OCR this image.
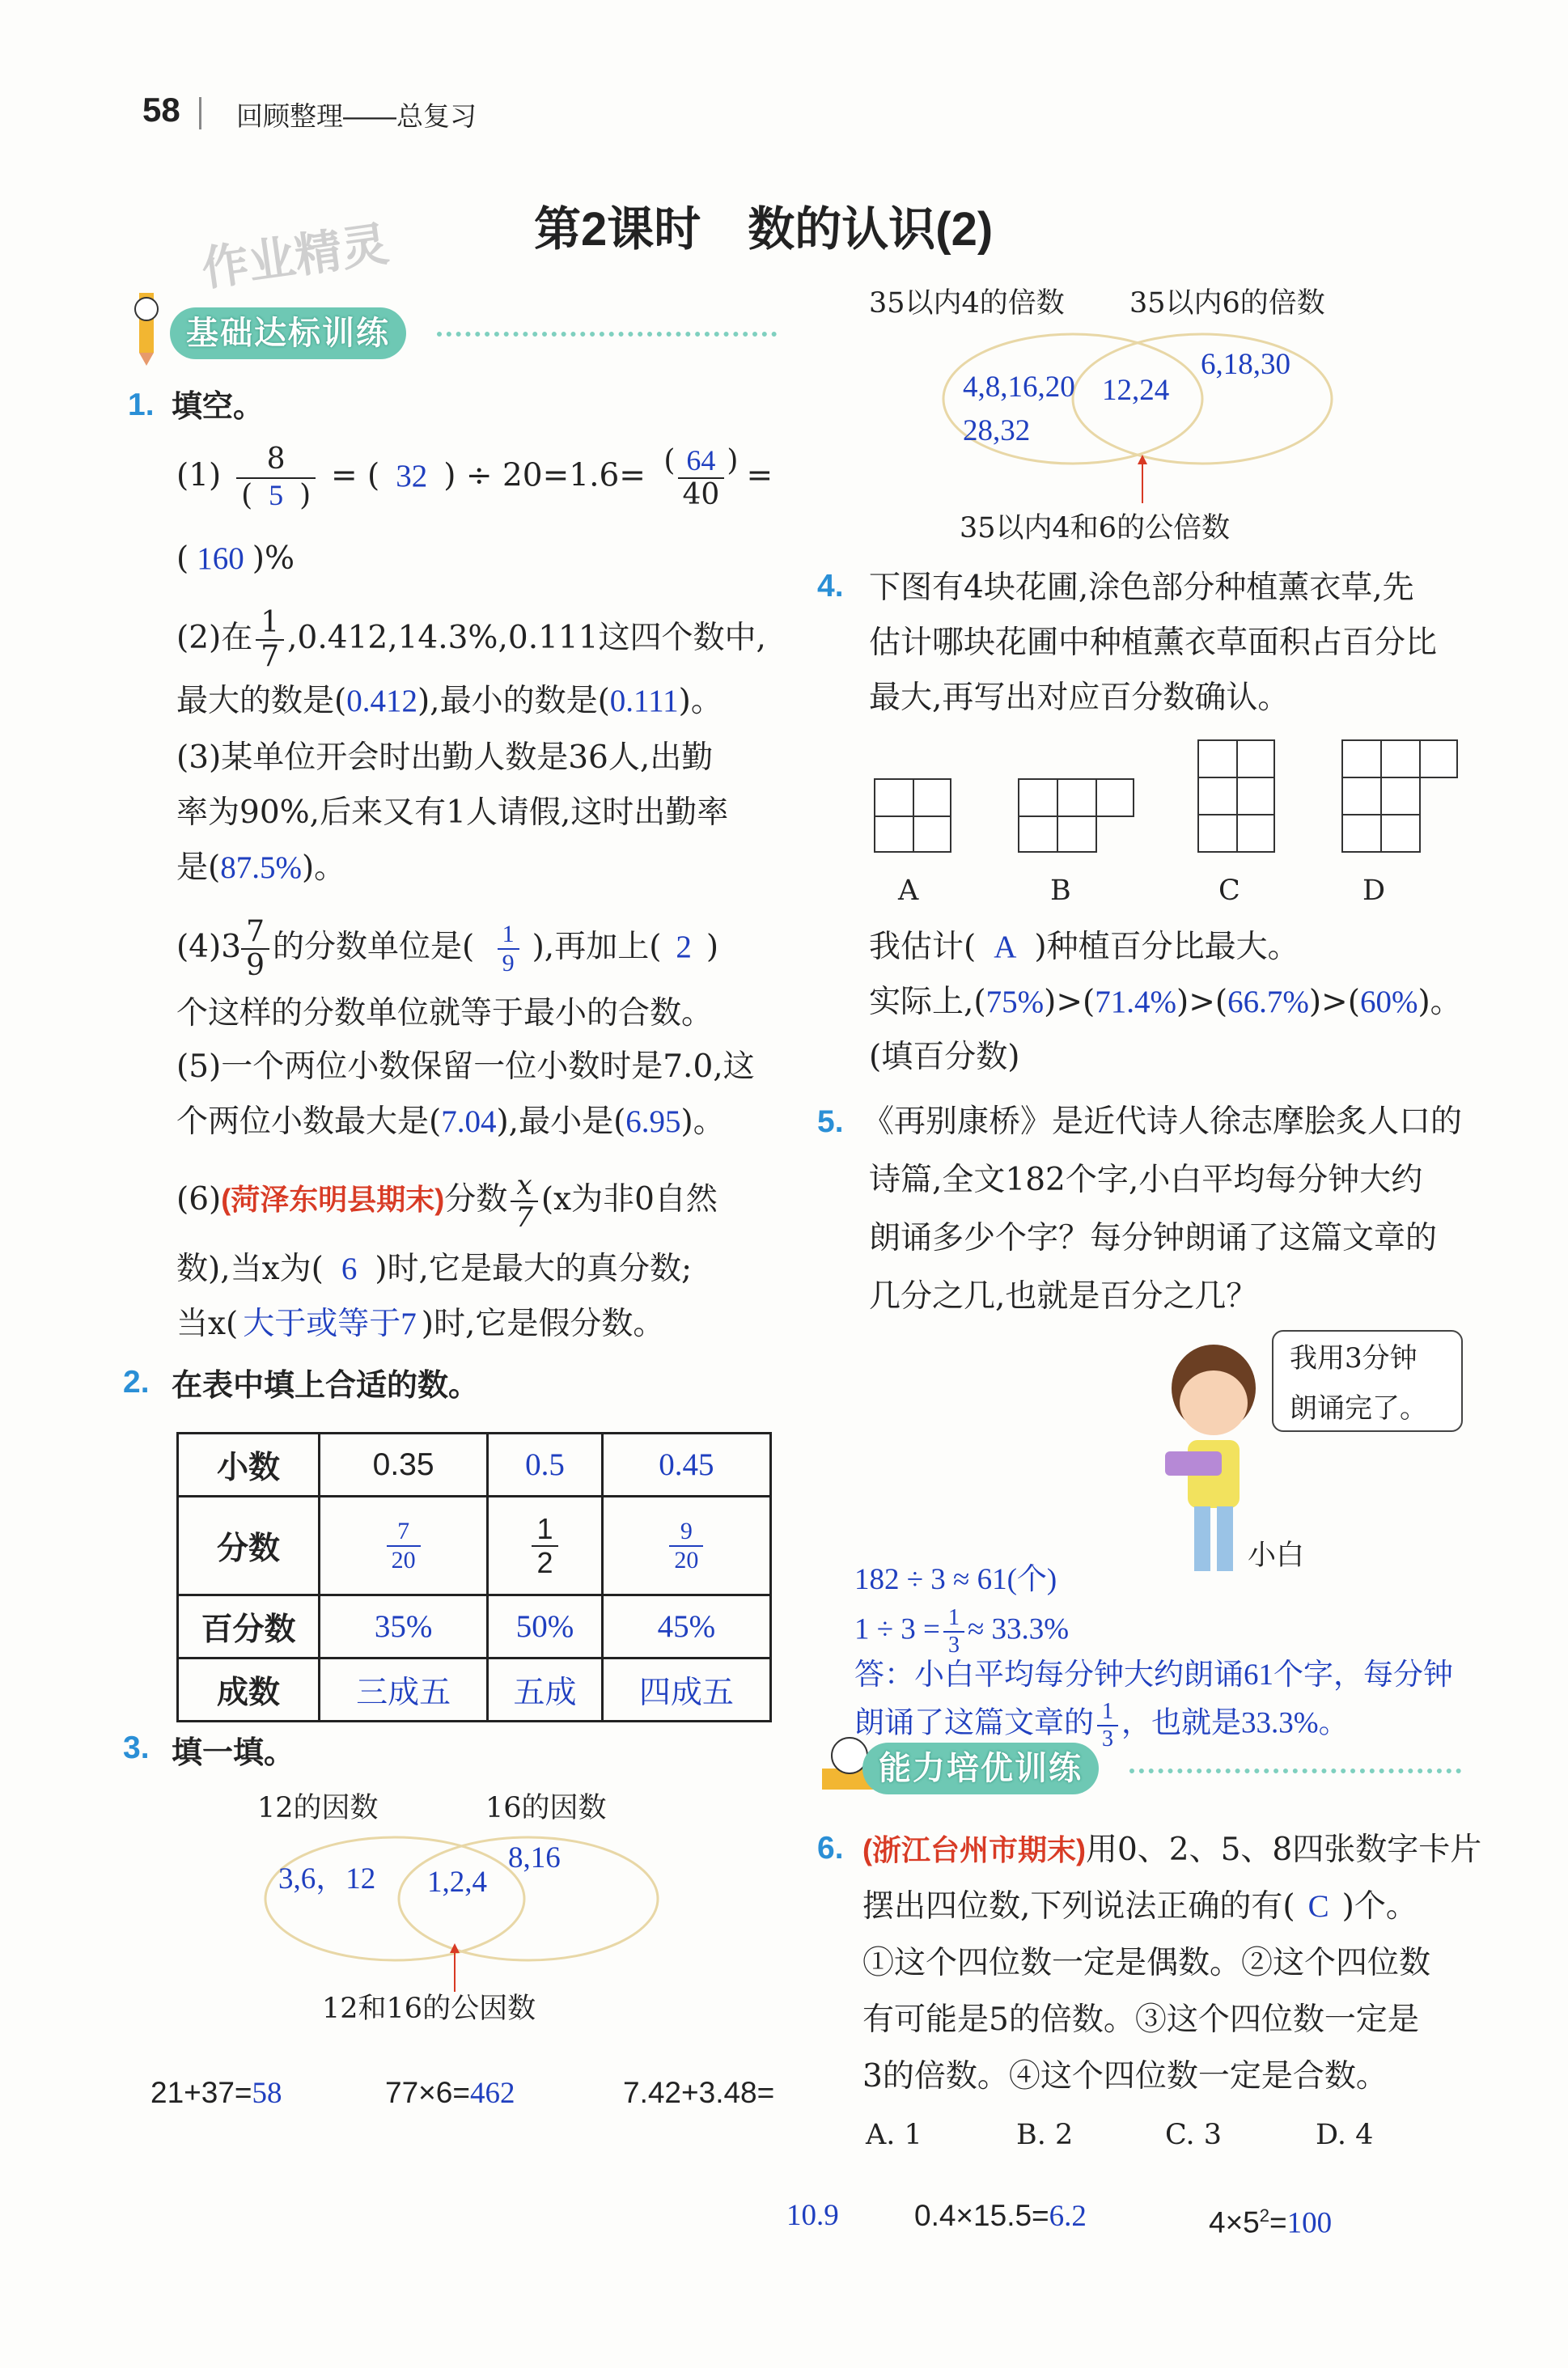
58 回顾整理——总复习
作业精灵	第2课时　数的认识(2)
基础达标训练
1. 填空。
$(1) \frac{8}{( 5 )}$ = ( 32 ) ÷ $20=1.6= \frac{( 64 )}{40}$ =
( 160 )%
(2)在 $\frac{1}{7} ,0.412,14.3\%,0.111$这四个数中,
最大的数是(0.412),最小的数是(0.111)。
(3)某单位开会时出勤人数是36人,出勤
率为90%,后来又有1人请假,这时出勤率
是(87.5%)。
$(4)3 \frac{7}{9}$ 的分数单位是( $\frac{1}{9}$ ),再加上( 2 )
个这样的分数单位就等于最小的合数。
(5)一个两位小数保留一位小数时是7.0,这
个两位小数最大是(7.04),最小是(6.95)。
(6)(菏泽东明县期末)分数 $\frac{x}{7} (x$为非0自然
数),当x为( 6 )时,它是最大的真分数;
当x( 大于或等于7 )时,它是假分数。
2. 在表中填上合适的数。
小数	0.35	0.5	0.45
分数	$\frac{7}{20}$	$\frac{1}{2}$	$\frac{9}{20}$

百分数	35%	50%	45%
成数	三成五	五成	四成五
3. 填一填。
12的因数	16的因数
3,6，12 1,2,4
8,16
12和16的公因数
21+37=58	77×6=462	7.42+3.48=
35以内4的倍数 35以内6的倍数
4,8,16,20
28,32
12,24
6,18,30
35以内4和6的公倍数
4. 下图有4块花圃,涂色部分种植薰衣草,先
估计哪块花圃中种植薰衣草面积占百分比
最大,再写出对应百分数确认。
A	B	C	D
我估计( A )种植百分比最大。
实际上,(75%)>(71.4%)>(66.7%)>(60%)。
(填百分数)
5. 《再别康桥》是近代诗人徐志摩脍炙人口的
诗篇,全文182个字,小白平均每分钟大约
朗诵多少个字？每分钟朗诵了这篇文章的
几分之几,也就是百分之几？
我用3分钟
朗诵完了。
小白
182 ÷ 3 ≈ 61(个)
$1 \div 3 = \frac{1}{3} \approx 33.3\%$
答：小白平均每分钟大约朗诵61个字，每分钟
朗诵了这篇文章的 $\frac{1}{3}$ ，也就是33.3%。
能力培优训练
6. (浙江台州市期末)用0、2、5、8四张数字卡片
摆出四位数,下列说法正确的有( C )个。
①这个四位数一定是偶数。②这个四位数
有可能是5的倍数。③这个四位数一定是
3的倍数。④这个四位数一定是合数。
A. 1	B. 2	C. 3	D. 4
10.9	0.4×15.5=6.2	$4\times 5^2=100$
